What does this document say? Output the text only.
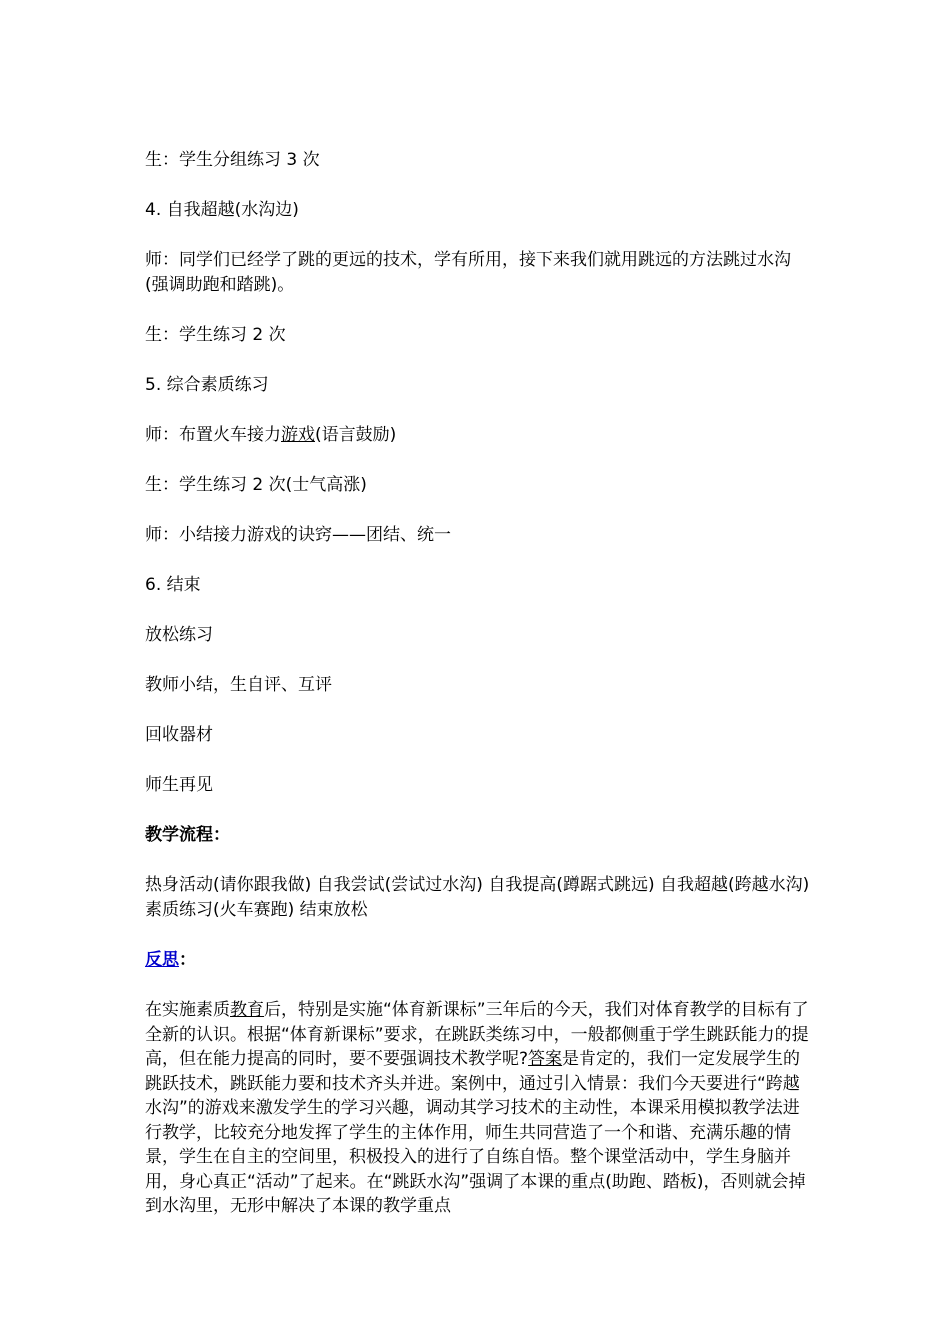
生：学生分组练习 3 次

4. 自我超越(水沟边)

师：同学们已经学了跳的更远的技术，学有所用，接下来我们就用跳远的方法跳过水沟(强调助跑和踏跳)。

生：学生练习 2 次

5. 综合素质练习

师：布置火车接力游戏(语言鼓励)

生：学生练习 2 次(士气高涨)

师：小结接力游戏的诀窍——团结、统一

6. 结束

放松练习

教师小结，生自评、互评

回收器材

师生再见

教学流程：

热身活动(请你跟我做) 自我尝试(尝试过水沟) 自我提高(蹲踞式跳远) 自我超越(跨越水沟) 素质练习(火车赛跑) 结束放松

反思：

在实施素质教育后，特别是实施“体育新课标”三年后的今天，我们对体育教学的目标有了全新的认识。根据“体育新课标”要求，在跳跃类练习中，一般都侧重于学生跳跃能力的提高，但在能力提高的同时，要不要强调技术教学呢?答案是肯定的，我们一定发展学生的跳跃技术，跳跃能力要和技术齐头并进。案例中，通过引入情景：我们今天要进行“跨越水沟”的游戏来激发学生的学习兴趣，调动其学习技术的主动性，本课采用模拟教学法进行教学，比较充分地发挥了学生的主体作用，师生共同营造了一个和谐、充满乐趣的情景，学生在自主的空间里，积极投入的进行了自练自悟。整个课堂活动中，学生身脑并用，身心真正“活动”了起来。在“跳跃水沟”强调了本课的重点(助跑、踏板)，否则就会掉到水沟里，无形中解决了本课的教学重点
